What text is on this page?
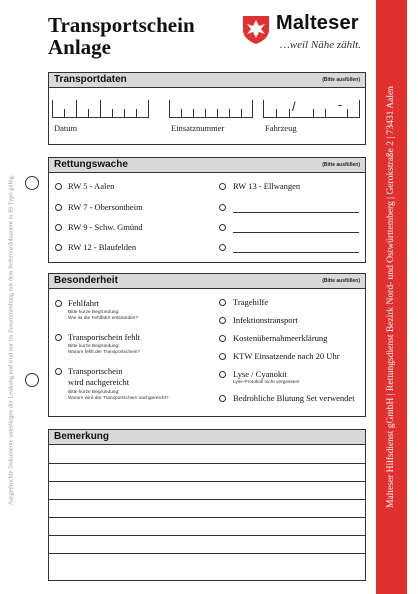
Transportschein
Anlage
Malteser
…weil Nähe zählt.
Malteser Hilfsdienst gGmbH | Rettungsdienst Bezirk Nord- und Ostwürttemberg | Gerokstraße 2 | 73431 Aalen
Ausgedruckte Dokumente unterliegen der Lenkung und sind nur im Zusammenhang mit dem Referenzdokument in IB Typo gültig.
Transportdaten	(Bitte ausfüllen)
Datum	Einsatznummer
/	-
Fahrzeug
Rettungswache	(Bitte ausfüllen)
RW 5 - Aalen
RW 7 - Obersontheim
RW 9 - Schw. Gmünd
RW 12 - Blaufelden
RW 13 - Ellwangen
Besonderheit	(Bitte ausfüllen)
Fehlfahrt
Bitte kurze Begründung:
Wie ist die Fehlfahrt entstanden?
Transportschein fehlt
Bitte kurze Begründung:
Warum fehlt der Transportschein?
Transportschein
wird nachgereicht
Bitte kurze Begründung:
Warum wird der Transportschein nachgereicht?
Tragehilfe
Infektionstransport
Kostenübernahmeerklärung
KTW Einsatzende nach 20 Uhr
Lyse / Cyanokit
Lyse-Protokoll nicht vergessen!
Bedrohliche Blutung Set verwendet
Bemerkung
